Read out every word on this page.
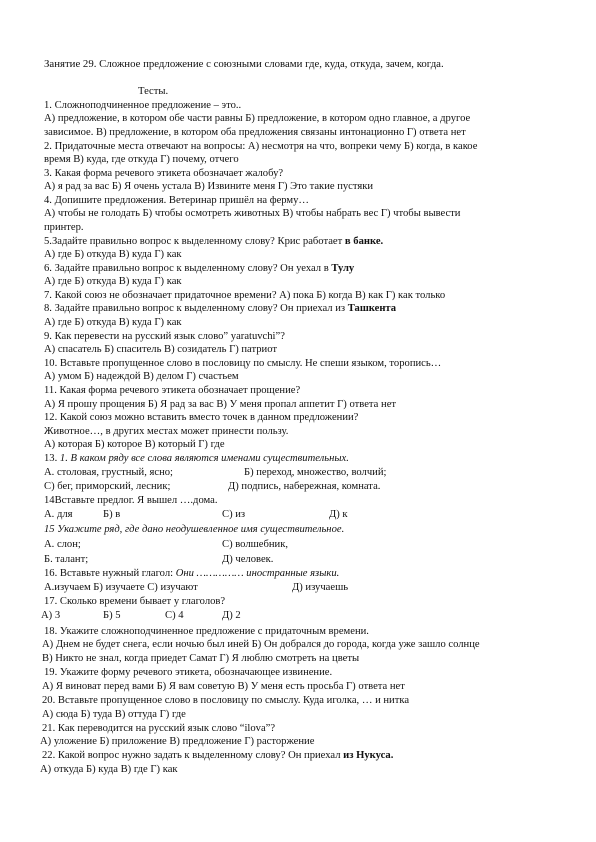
Занятие 29. Сложное предложение с союзными словами где, куда, откуда, зачем, когда.
Тесты.
1. Сложноподчиненное предложение – это..
А) предложение, в котором обе части равны Б) предложение, в котором одно главное, а другое
зависимое. В) предложение, в котором оба предложения связаны интонационно Г) ответа нет
2. Придаточные места отвечают на вопросы: А) несмотря на что, вопреки чему Б) когда, в какое
время В) куда, где откуда Г) почему, отчего
3. Какая форма речевого этикета обозначает жалобу?
А) я рад за вас Б) Я очень устала В) Извините меня Г) Это такие пустяки
4. Допишите предложения. Ветеринар пришёл на ферму…
А) чтобы не голодать Б) чтобы осмотреть животных В) чтобы набрать вес Г) чтобы вывести
принтер.
5.Задайте правильно вопрос к выделенному слову? Крис работает в банке.
А) где Б) откуда В) куда Г) как
6. Задайте правильно вопрос к выделенному слову? Он уехал в Тулу
А) где Б) откуда В) куда Г) как
7. Какой союз не обозначает придаточное времени? А) пока Б) когда В) как Г) как только
8. Задайте правильно вопрос к выделенному слову? Он приехал из Ташкента
А) где Б) откуда В) куда Г) как
9. Как перевести на русский язык слово” yaratuvchi”?
А) спасатель Б) спаситель В) созидатель Г) патриот
10. Вставьте пропущенное слово в пословицу по смыслу. Не спеши языком, торопись…
А) умом Б) надеждой В) делом Г) счастьем
11. Какая форма речевого этикета обозначает прощение?
А) Я прошу прощения Б) Я рад за вас В) У меня пропал аппетит Г) ответа нет
12. Какой союз можно вставить вместо точек в данном предложении?
Животное…, в других местах может принести пользу.
А) которая Б) которое В) который Г) где
13. 1. В каком ряду все слова являются именами существительных.
А. столовая, грустный, ясно;	Б) переход, множество, волчий;
С) бег, приморский, лесник;	Д) подпись, набережная, комната.
14Вставьте предлог. Я вышел ….дома.
А. для	Б) в	С) из	Д) к
15 Укажите ряд, где дано неодушевленное имя существительное.
А. слон;	С) волшебник,
Б. талант;	Д) человек.
16. Вставьте нужный глагол: Они …………… иностранные языки.
А.изучаем Б) изучаете С) изучают	Д) изучаешь
17. Сколько времени бывает у глаголов?
А) 3	Б) 5	С) 4	Д) 2
18. Укажите сложноподчиненное предложение с придаточным времени.
А) Днем не будет снега, если ночью был иней Б) Он добрался до города, когда уже зашло солнце
В) Никто не знал, когда приедет Самат Г) Я люблю смотреть на цветы
19. Укажите форму речевого этикета, обозначающее извинение.
А) Я виноват перед вами Б) Я вам советую В) У меня есть просьба Г) ответа нет
20. Вставьте пропущенное слово в пословицу по смыслу. Куда иголка, … и нитка
А) сюда Б) туда В) оттуда Г) где
21. Как переводится на русский язык слово “ilova”?
А) уложение Б) приложение В) предложение Г) расторжение
22. Какой вопрос нужно задать к выделенному слову? Он приехал из Нукуса.
А) откуда Б) куда В) где Г) как
